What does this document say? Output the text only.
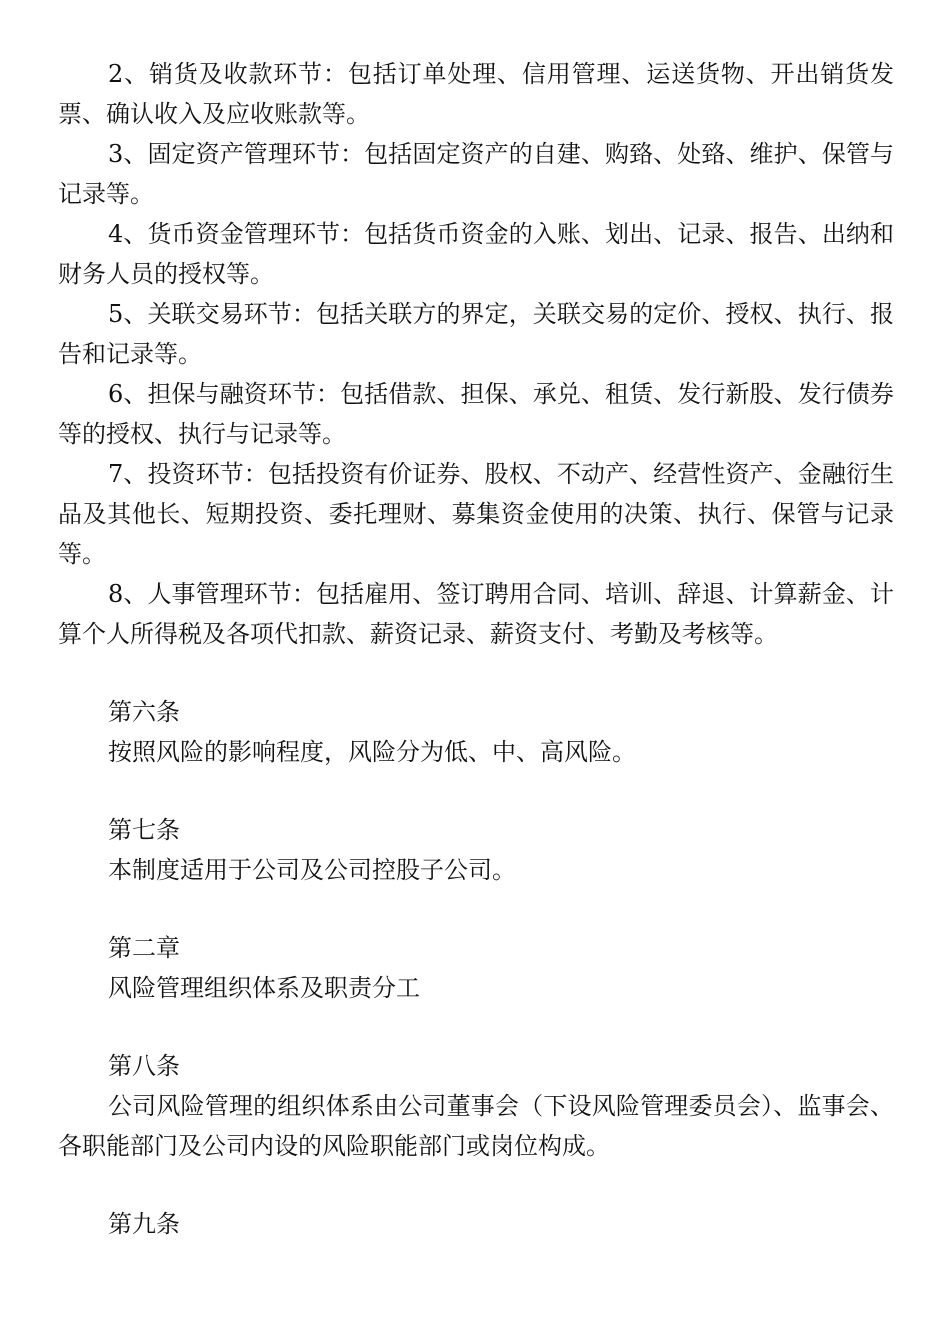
2、销货及收款环节：包括订单处理、信用管理、运送货物、开出销货发票、确认收入及应收账款等。

3、固定资产管理环节：包括固定资产的自建、购臵、处臵、维护、保管与记录等。

4、货币资金管理环节：包括货币资金的入账、划出、记录、报告、出纳和财务人员的授权等。

5、关联交易环节：包括关联方的界定，关联交易的定价、授权、执行、报告和记录等。

6、担保与融资环节：包括借款、担保、承兑、租赁、发行新股、发行债券等的授权、执行与记录等。

7、投资环节：包括投资有价证券、股权、不动产、经营性资产、金融衍生品及其他长、短期投资、委托理财、募集资金使用的决策、执行、保管与记录等。

8、人事管理环节：包括雇用、签订聘用合同、培训、辞退、计算薪金、计算个人所得税及各项代扣款、薪资记录、薪资支付、考勤及考核等。

第六条

按照风险的影响程度，风险分为低、中、高风险。

第七条

本制度适用于公司及公司控股子公司。

第二章

风险管理组织体系及职责分工

第八条

公司风险管理的组织体系由公司董事会（下设风险管理委员会）、监事会、各职能部门及公司内设的风险职能部门或岗位构成。

第九条
